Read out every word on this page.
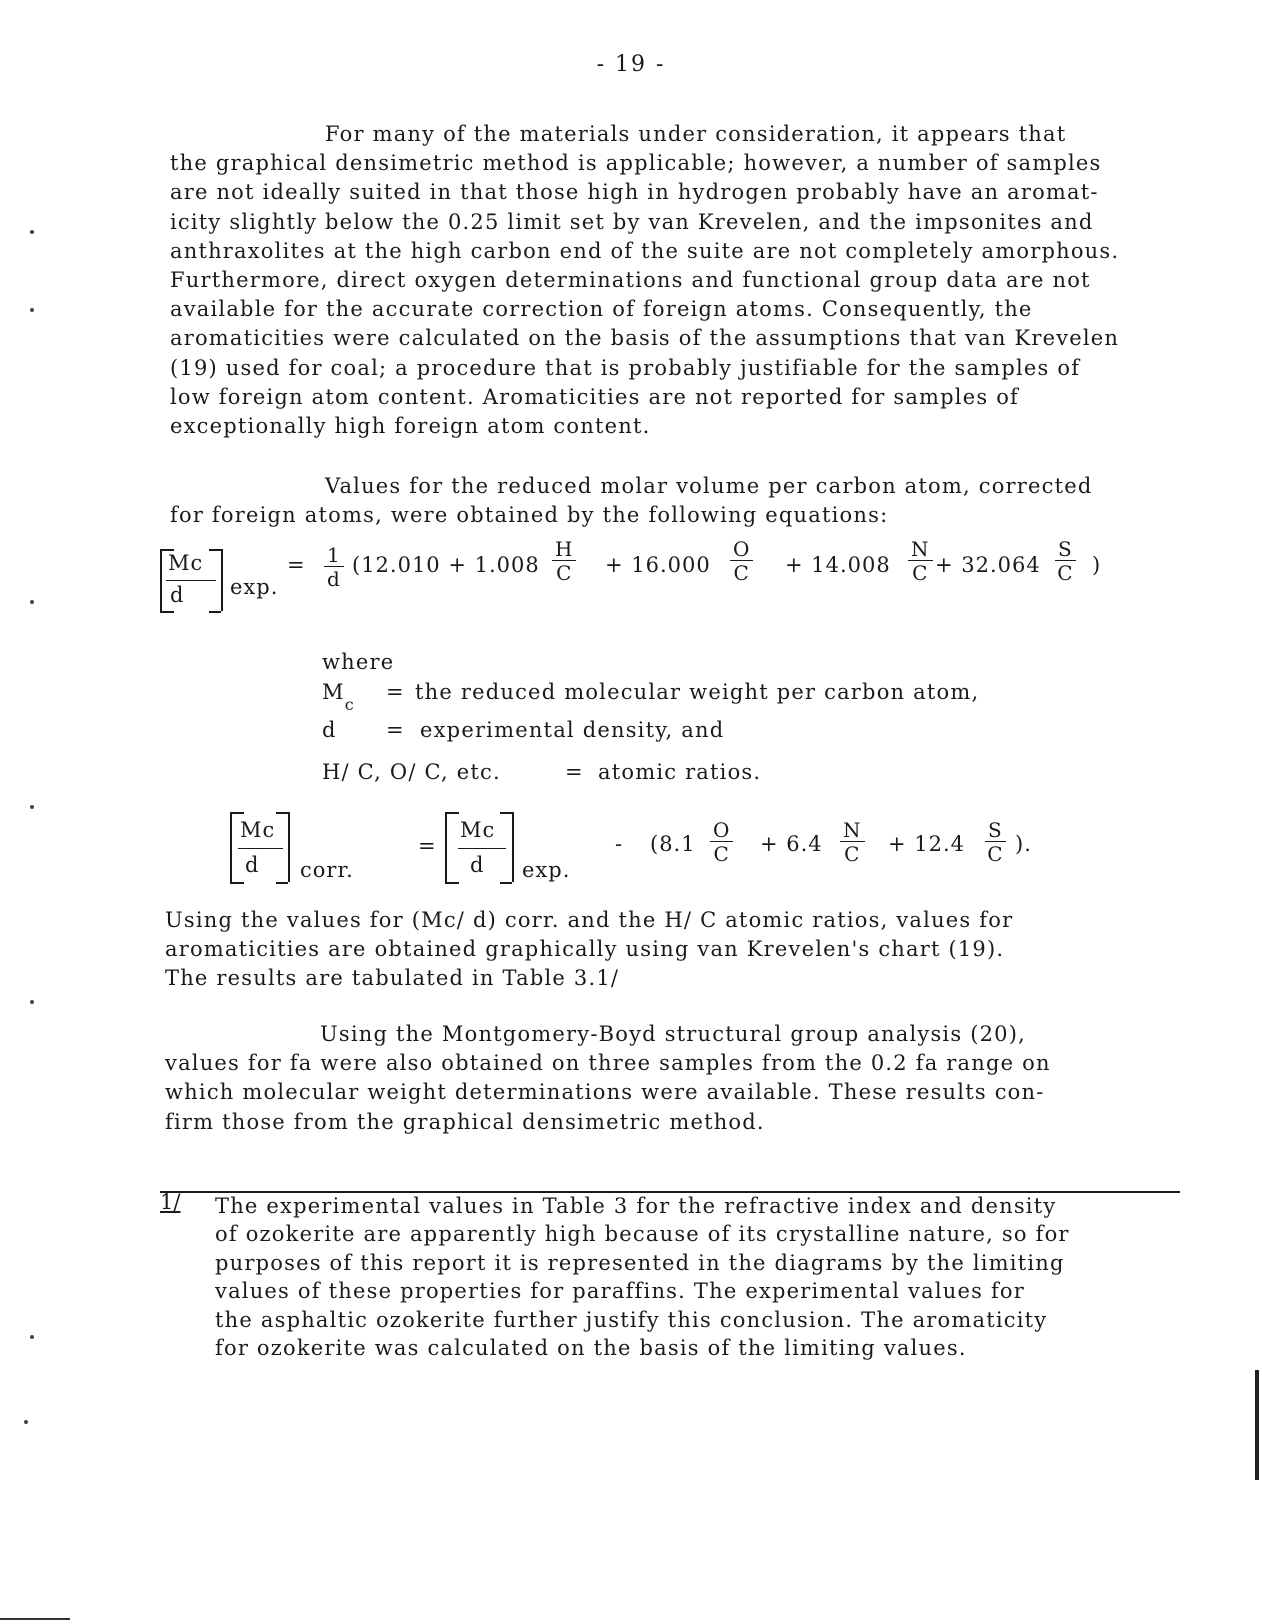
- 19 -
For many of the materials under consideration, it appears that
the graphical densimetric method is applicable; however, a number of samples
are not ideally suited in that those high in hydrogen probably have an aromat-
icity slightly below the 0.25 limit set by van Krevelen, and the impsonites and
anthraxolites at the high carbon end of the suite are not completely amorphous.
Furthermore, direct oxygen determinations and functional group data are not
available for the accurate correction of foreign atoms. Consequently, the
aromaticities were calculated on the basis of the assumptions that van Krevelen
(19) used for coal; a procedure that is probably justifiable for the samples of
low foreign atom content. Aromaticities are not reported for samples of
exceptionally high foreign atom content.
Values for the reduced molar volume per carbon atom, corrected
for foreign atoms, were obtained by the following equations:
Mc
d exp.
= $\frac{1}{d} (12.010 + 1.008 \frac{H}{C} + 16.000 \frac{O}{C} + 14.008 \frac{N}{C} + 32.064 \frac{S}{C}$ )
where
$M_c$
= the reduced molecular weight per carbon atom,
d = experimental density, and
H/ C, O/ C, etc.	= atomic ratios.
Mc
d corr.
=
Mc
d exp.
- ($8.1 \frac{O}{C} + 6.4 \frac{N}{C} + 12.4 \frac{S}{C}$ ).
Using the values for (Mc/ d) corr. and the H/ C atomic ratios, values for
aromaticities are obtained graphically using van Krevelen's chart (19).
The results are tabulated in Table 3.1/
Using the Montgomery-Boyd structural group analysis (20),
values for fa were also obtained on three samples from the 0.2 fa range on
which molecular weight determinations were available. These results con-
firm those from the graphical densimetric method.
1/ The experimental values in Table 3 for the refractive index and density
of ozokerite are apparently high because of its crystalline nature, so for
purposes of this report it is represented in the diagrams by the limiting
values of these properties for paraffins. The experimental values for
the asphaltic ozokerite further justify this conclusion. The aromaticity
for ozokerite was calculated on the basis of the limiting values.
